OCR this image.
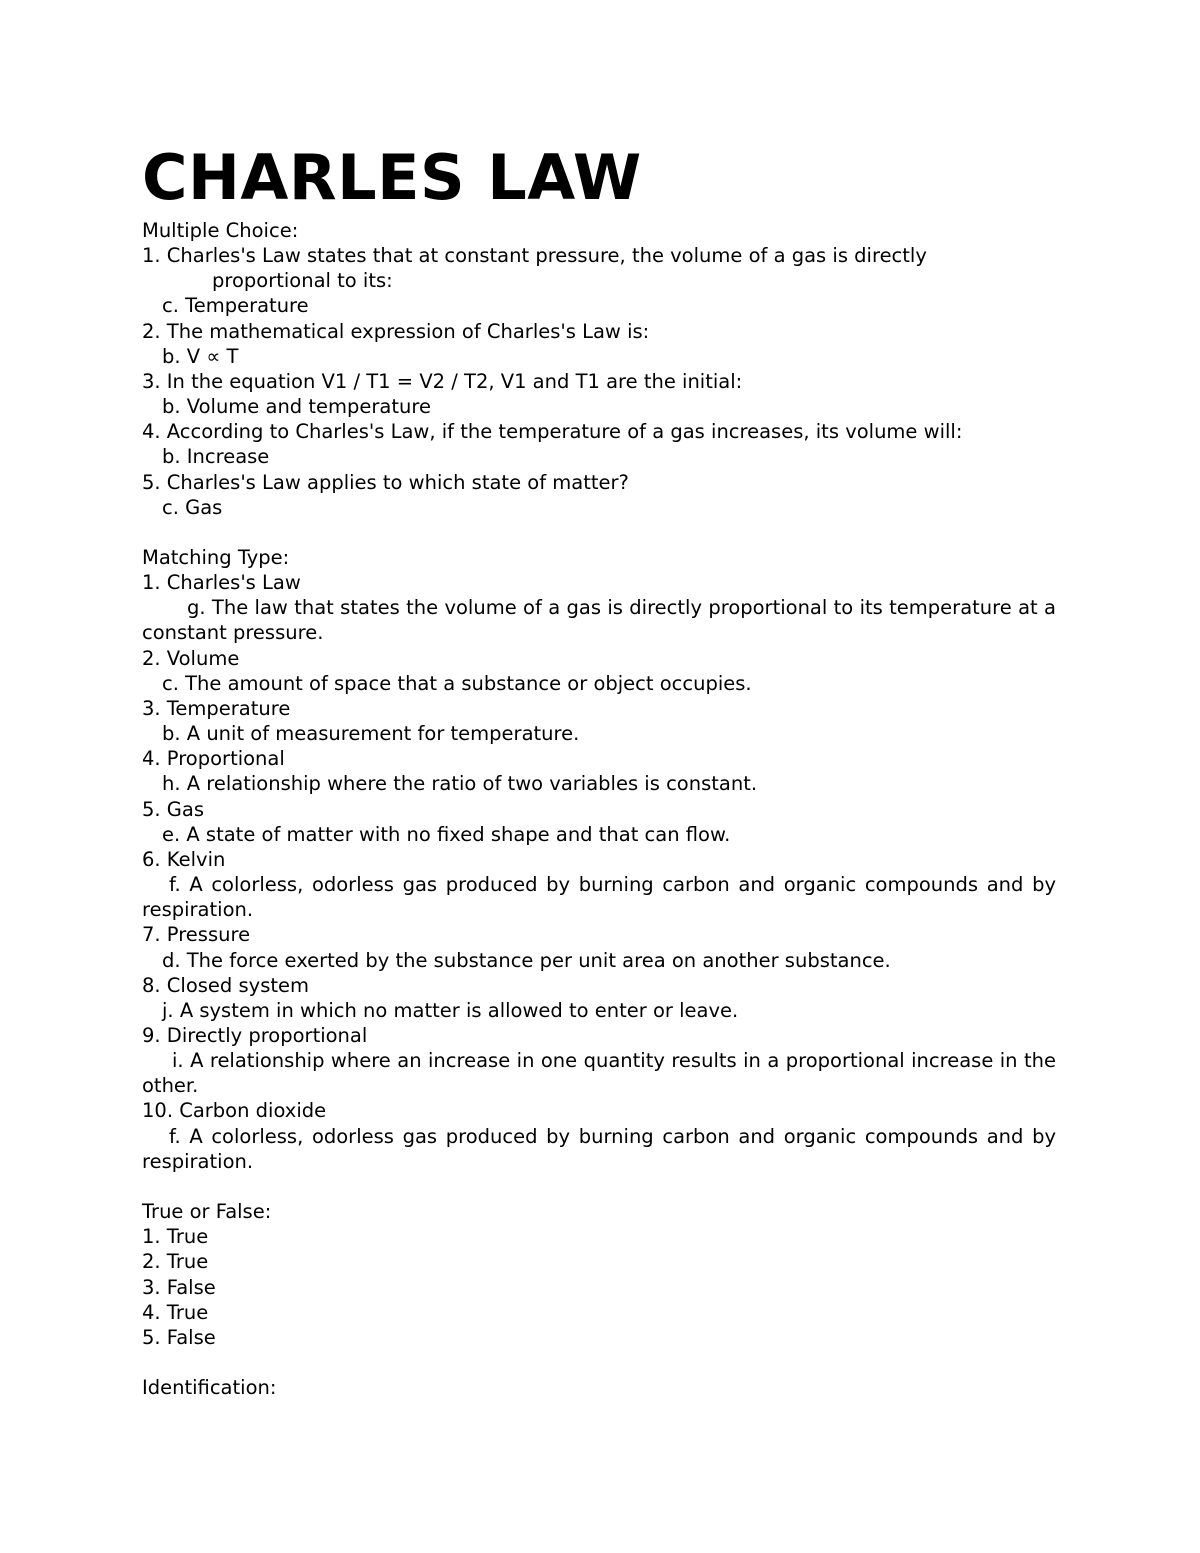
CHARLES LAW
Multiple Choice:
1. Charles's Law states that at constant pressure, the volume of a gas is directly
proportional to its:
c. Temperature
2. The mathematical expression of Charles's Law is:
b. V ∝ T
3. In the equation V1 / T1 = V2 / T2, V1 and T1 are the initial:
b. Volume and temperature
4. According to Charles's Law, if the temperature of a gas increases, its volume will:
b. Increase
5. Charles's Law applies to which state of matter?
c. Gas
Matching Type:
1. Charles's Law
g. The law that states the volume of a gas is directly proportional to its temperature at a constant pressure.
2. Volume
c. The amount of space that a substance or object occupies.
3. Temperature
b. A unit of measurement for temperature.
4. Proportional
h. A relationship where the ratio of two variables is constant.
5. Gas
e. A state of matter with no fixed shape and that can flow.
6. Kelvin
f. A colorless, odorless gas produced by burning carbon and organic compounds and by respiration.
7. Pressure
d. The force exerted by the substance per unit area on another substance.
8. Closed system
j. A system in which no matter is allowed to enter or leave.
9. Directly proportional
i. A relationship where an increase in one quantity results in a proportional increase in the other.
10. Carbon dioxide
f. A colorless, odorless gas produced by burning carbon and organic compounds and by respiration.
True or False:
1. True
2. True
3. False
4. True
5. False
Identification:
